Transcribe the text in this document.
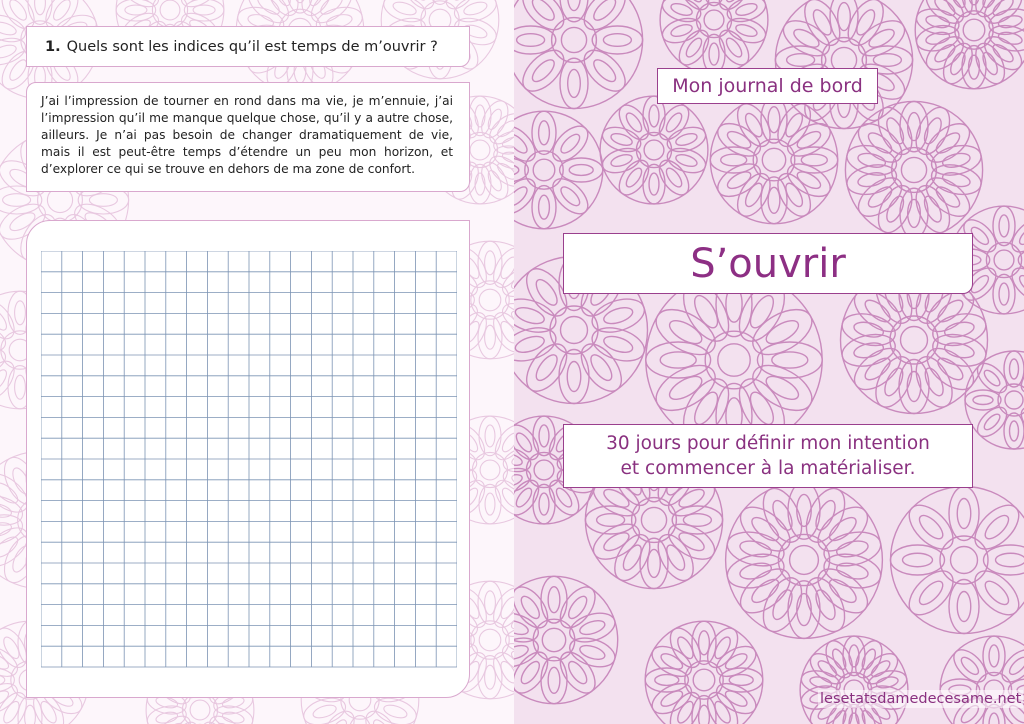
1. Quels sont les indices qu’il est temps de m’ouvrir ?
J’ai l’impression de tourner en rond dans ma vie, je m’ennuie, j’ai l’impression qu’il me manque quelque chose, qu’il y a autre chose, ailleurs. Je n’ai pas besoin de changer dramatiquement de vie, mais il est peut-être temps d’étendre un peu mon horizon, et d’explorer ce qui se trouve en dehors de ma zone de confort.
Mon journal de bord
S’ouvrir
30 jours pour définir mon intention
et commencer à la matérialiser.
lesetatsdamedecesame.net
